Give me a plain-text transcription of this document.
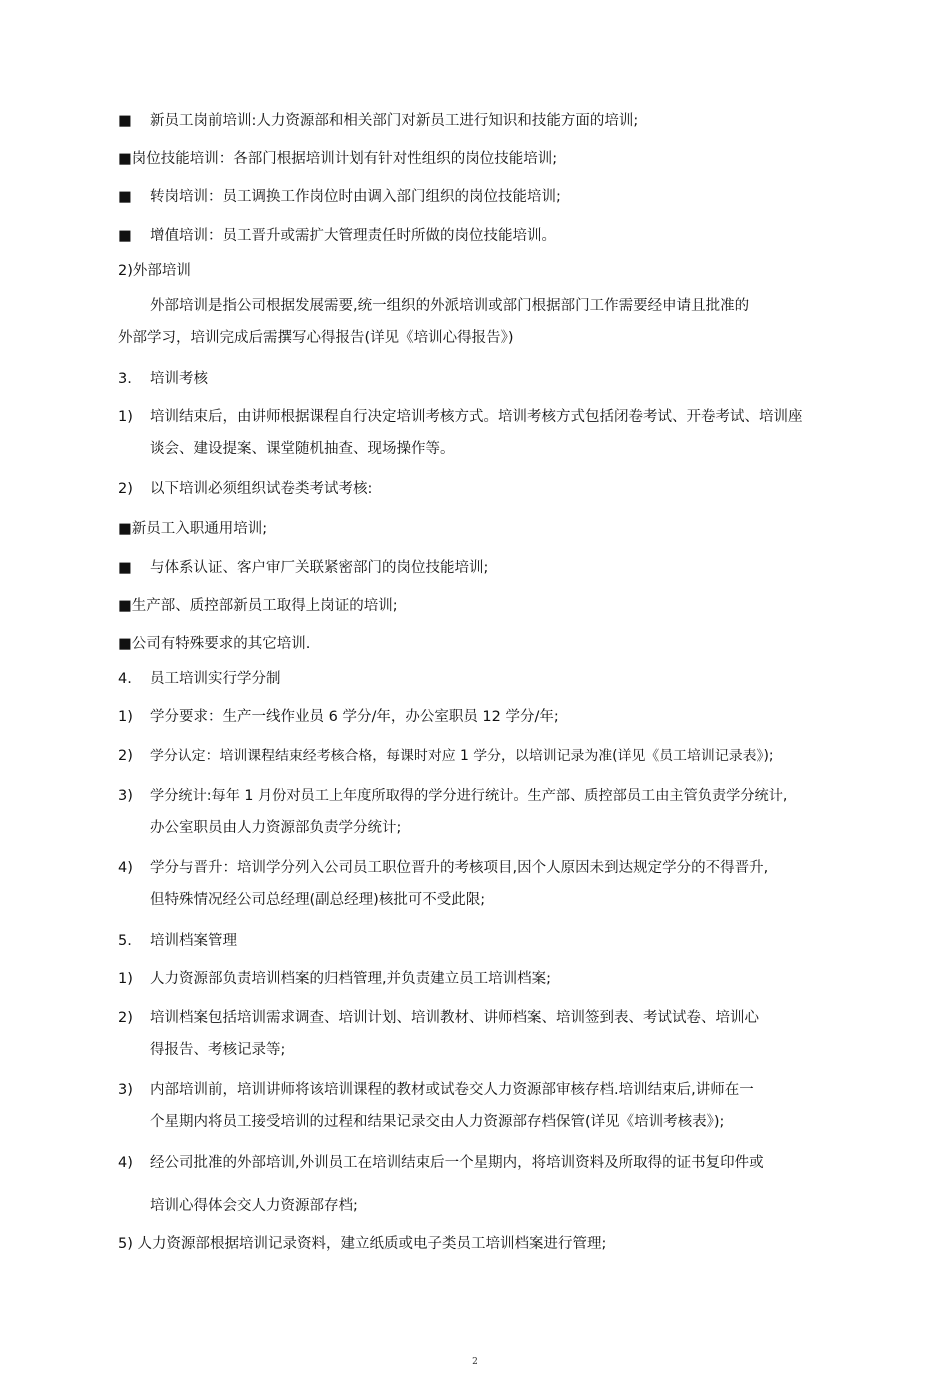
■ 新员工岗前培训:人力资源部和相关部门对新员工进行知识和技能方面的培训;
■岗位技能培训：各部门根据培训计划有针对性组织的岗位技能培训;
■ 转岗培训：员工调换工作岗位时由调入部门组织的岗位技能培训;
■ 增值培训：员工晋升或需扩大管理责任时所做的岗位技能培训。
2)外部培训
外部培训是指公司根据发展需要,统一组织的外派培训或部门根据部门工作需要经申请且批准的
外部学习，培训完成后需撰写心得报告(详见《培训心得报告》)
3. 培训考核
1) 培训结束后，由讲师根据课程自行决定培训考核方式。培训考核方式包括闭卷考试、开卷考试、培训座
谈会、建设提案、课堂随机抽查、现场操作等。
2) 以下培训必须组织试卷类考试考核:
■新员工入职通用培训;
■ 与体系认证、客户审厂关联紧密部门的岗位技能培训;
■生产部、质控部新员工取得上岗证的培训;
■公司有特殊要求的其它培训.
4. 员工培训实行学分制
1) 学分要求：生产一线作业员 6 学分/年，办公室职员 12 学分/年;
2) 学分认定：培训课程结束经考核合格，每课时对应 1 学分，以培训记录为准(详见《员工培训记录表》);
3) 学分统计:每年 1 月份对员工上年度所取得的学分进行统计。生产部、质控部员工由主管负责学分统计,
办公室职员由人力资源部负责学分统计;
4) 学分与晋升：培训学分列入公司员工职位晋升的考核项目,因个人原因未到达规定学分的不得晋升,
但特殊情况经公司总经理(副总经理)核批可不受此限;
5. 培训档案管理
1) 人力资源部负责培训档案的归档管理,并负责建立员工培训档案;
2) 培训档案包括培训需求调查、培训计划、培训教材、讲师档案、培训签到表、考试试卷、培训心
得报告、考核记录等;
3) 内部培训前，培训讲师将该培训课程的教材或试卷交人力资源部审核存档.培训结束后,讲师在一
个星期内将员工接受培训的过程和结果记录交由人力资源部存档保管(详见《培训考核表》);
4) 经公司批准的外部培训,外训员工在培训结束后一个星期内，将培训资料及所取得的证书复印件或
培训心得体会交人力资源部存档;
5) 人力资源部根据培训记录资料，建立纸质或电子类员工培训档案进行管理;
2
